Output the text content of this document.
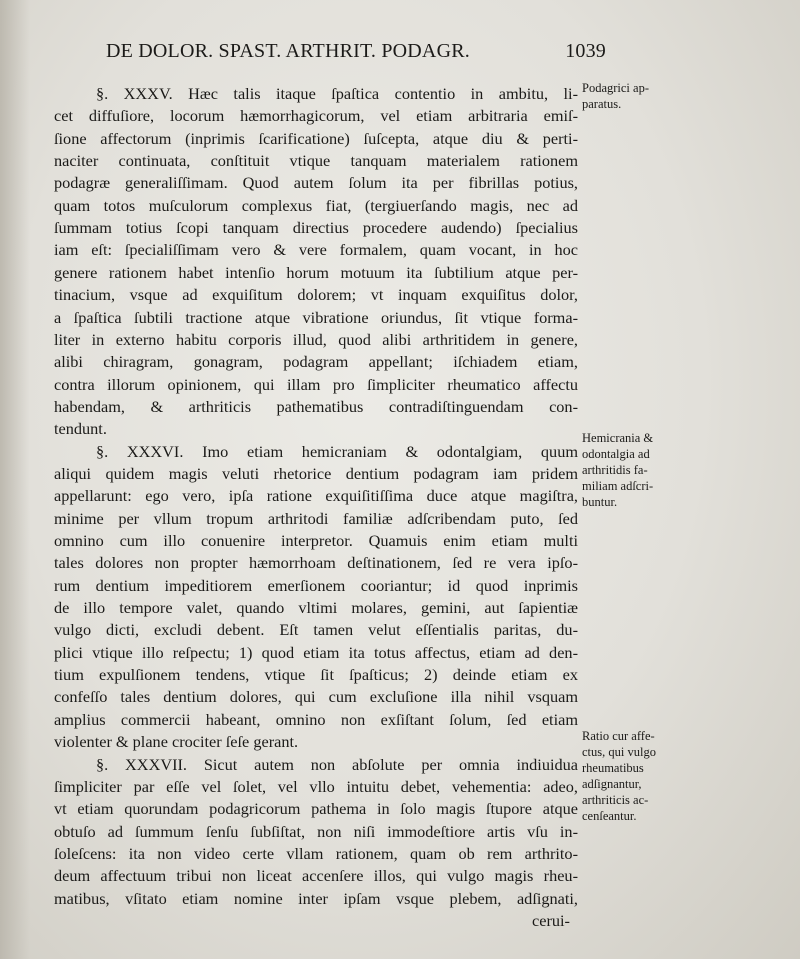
DE DOLOR. SPAST. ARTHRIT. PODAGR.	1039
§. XXXV. Hæc talis itaque ſpaſtica contentio in ambitu, li-
cet diffuſiore, locorum hæmorrhagicorum, vel etiam arbitraria emiſ-
ſione affectorum (inprimis ſcarificatione) ſuſcepta, atque diu & perti-
naciter continuata, conſtituit vtique tanquam materialem rationem
podagræ generaliſſimam. Quod autem ſolum ita per fibrillas potius,
quam totos muſculorum complexus fiat, (tergiuerſando magis, nec ad
ſummam totius ſcopi tanquam directius procedere audendo) ſpecialius
iam eſt: ſpecialiſſimam vero & vere formalem, quam vocant, in hoc
genere rationem habet intenſio horum motuum ita ſubtilium atque per-
tinacium, vsque ad exquiſitum dolorem; vt inquam exquiſitus dolor,
a ſpaſtica ſubtili tractione atque vibratione oriundus, ſit vtique forma-
liter in externo habitu corporis illud, quod alibi arthritidem in genere,
alibi chiragram, gonagram, podagram appellant; iſchiadem etiam,
contra illorum opinionem, qui illam pro ſimpliciter rheumatico affectu
habendam, & arthriticis pathematibus contradiſtinguendam con-
tendunt.
§. XXXVI. Imo etiam hemicraniam & odontalgiam, quum
aliqui quidem magis veluti rhetorice dentium podagram iam pridem
appellarunt: ego vero, ipſa ratione exquiſitiſſima duce atque magiſtra,
minime per vllum tropum arthritodi familiæ adſcribendam puto, ſed
omnino cum illo conuenire interpretor. Quamuis enim etiam multi
tales dolores non propter hæmorrhoam deſtinationem, ſed re vera ipſo-
rum dentium impeditiorem emerſionem cooriantur; id quod inprimis
de illo tempore valet, quando vltimi molares, gemini, aut ſapientiæ
vulgo dicti, excludi debent. Eſt tamen velut eſſentialis paritas, du-
plici vtique illo reſpectu; 1) quod etiam ita totus affectus, etiam ad den-
tium expulſionem tendens, vtique ſit ſpaſticus; 2) deinde etiam ex
confeſſo tales dentium dolores, qui cum excluſione illa nihil vsquam
amplius commercii habeant, omnino non exſiſtant ſolum, ſed etiam
violenter & plane crociter ſeſe gerant.
§. XXXVII. Sicut autem non abſolute per omnia indiuidua
ſimpliciter par eſſe vel ſolet, vel vllo intuitu debet, vehementia: adeo,
vt etiam quorundam podagricorum pathema in ſolo magis ſtupore atque
obtuſo ad ſummum ſenſu ſubſiſtat, non niſi immodeſtiore artis vſu in-
ſoleſcens: ita non video certe vllam rationem, quam ob rem arthrito-
deum affectuum tribui non liceat accenſere illos, qui vulgo magis rheu-
matibus, vſitato etiam nomine inter ipſam vsque plebem, adſignati,
cerui-
Podagrici ap-
paratus.
Hemicrania &
odontalgia ad
arthritidis fa-
miliam adſcri-
buntur.
Ratio cur affe-
ctus, qui vulgo
rheumatibus
adſignantur,
arthriticis ac-
cenſeantur.
